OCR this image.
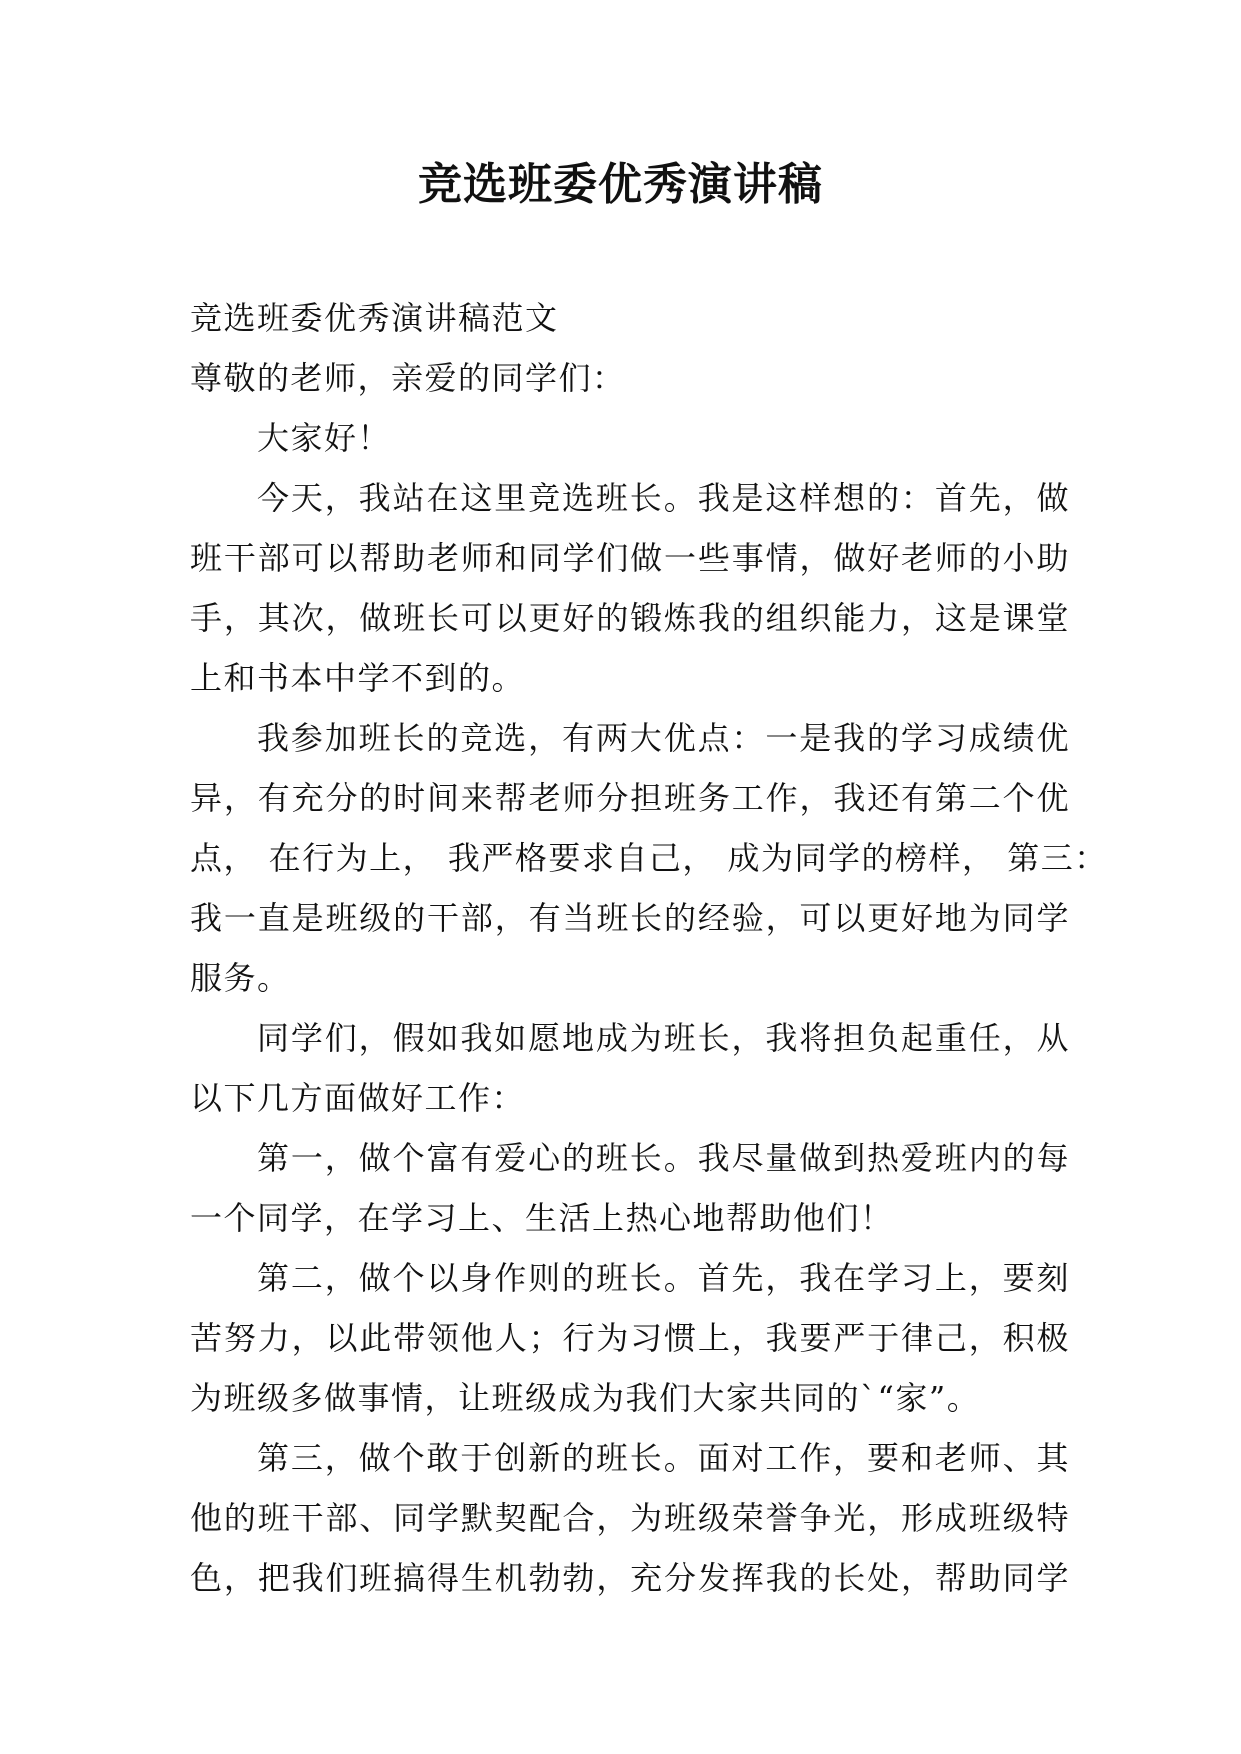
竞选班委优秀演讲稿
竞选班委优秀演讲稿范文
尊敬的老师，亲爱的同学们：
大家好！
今天，我站在这里竞选班长。我是这样想的：首先，做
班干部可以帮助老师和同学们做一些事情，做好老师的小助
手，其次，做班长可以更好的锻炼我的组织能力，这是课堂
上和书本中学不到的。
我参加班长的竞选，有两大优点：一是我的学习成绩优
异，有充分的时间来帮老师分担班务工作，我还有第二个优
点， 在行为上， 我严格要求自己， 成为同学的榜样， 第三：
我一直是班级的干部，有当班长的经验，可以更好地为同学
服务。
同学们，假如我如愿地成为班长，我将担负起重任，从
以下几方面做好工作：
第一，做个富有爱心的班长。我尽量做到热爱班内的每
一个同学，在学习上、生活上热心地帮助他们！
第二，做个以身作则的班长。首先，我在学习上，要刻
苦努力，以此带领他人；行为习惯上，我要严于律己，积极
为班级多做事情，让班级成为我们大家共同的`“家”。
第三，做个敢于创新的班长。面对工作，要和老师、其
他的班干部、同学默契配合，为班级荣誉争光，形成班级特
色，把我们班搞得生机勃勃，充分发挥我的长处，帮助同学
